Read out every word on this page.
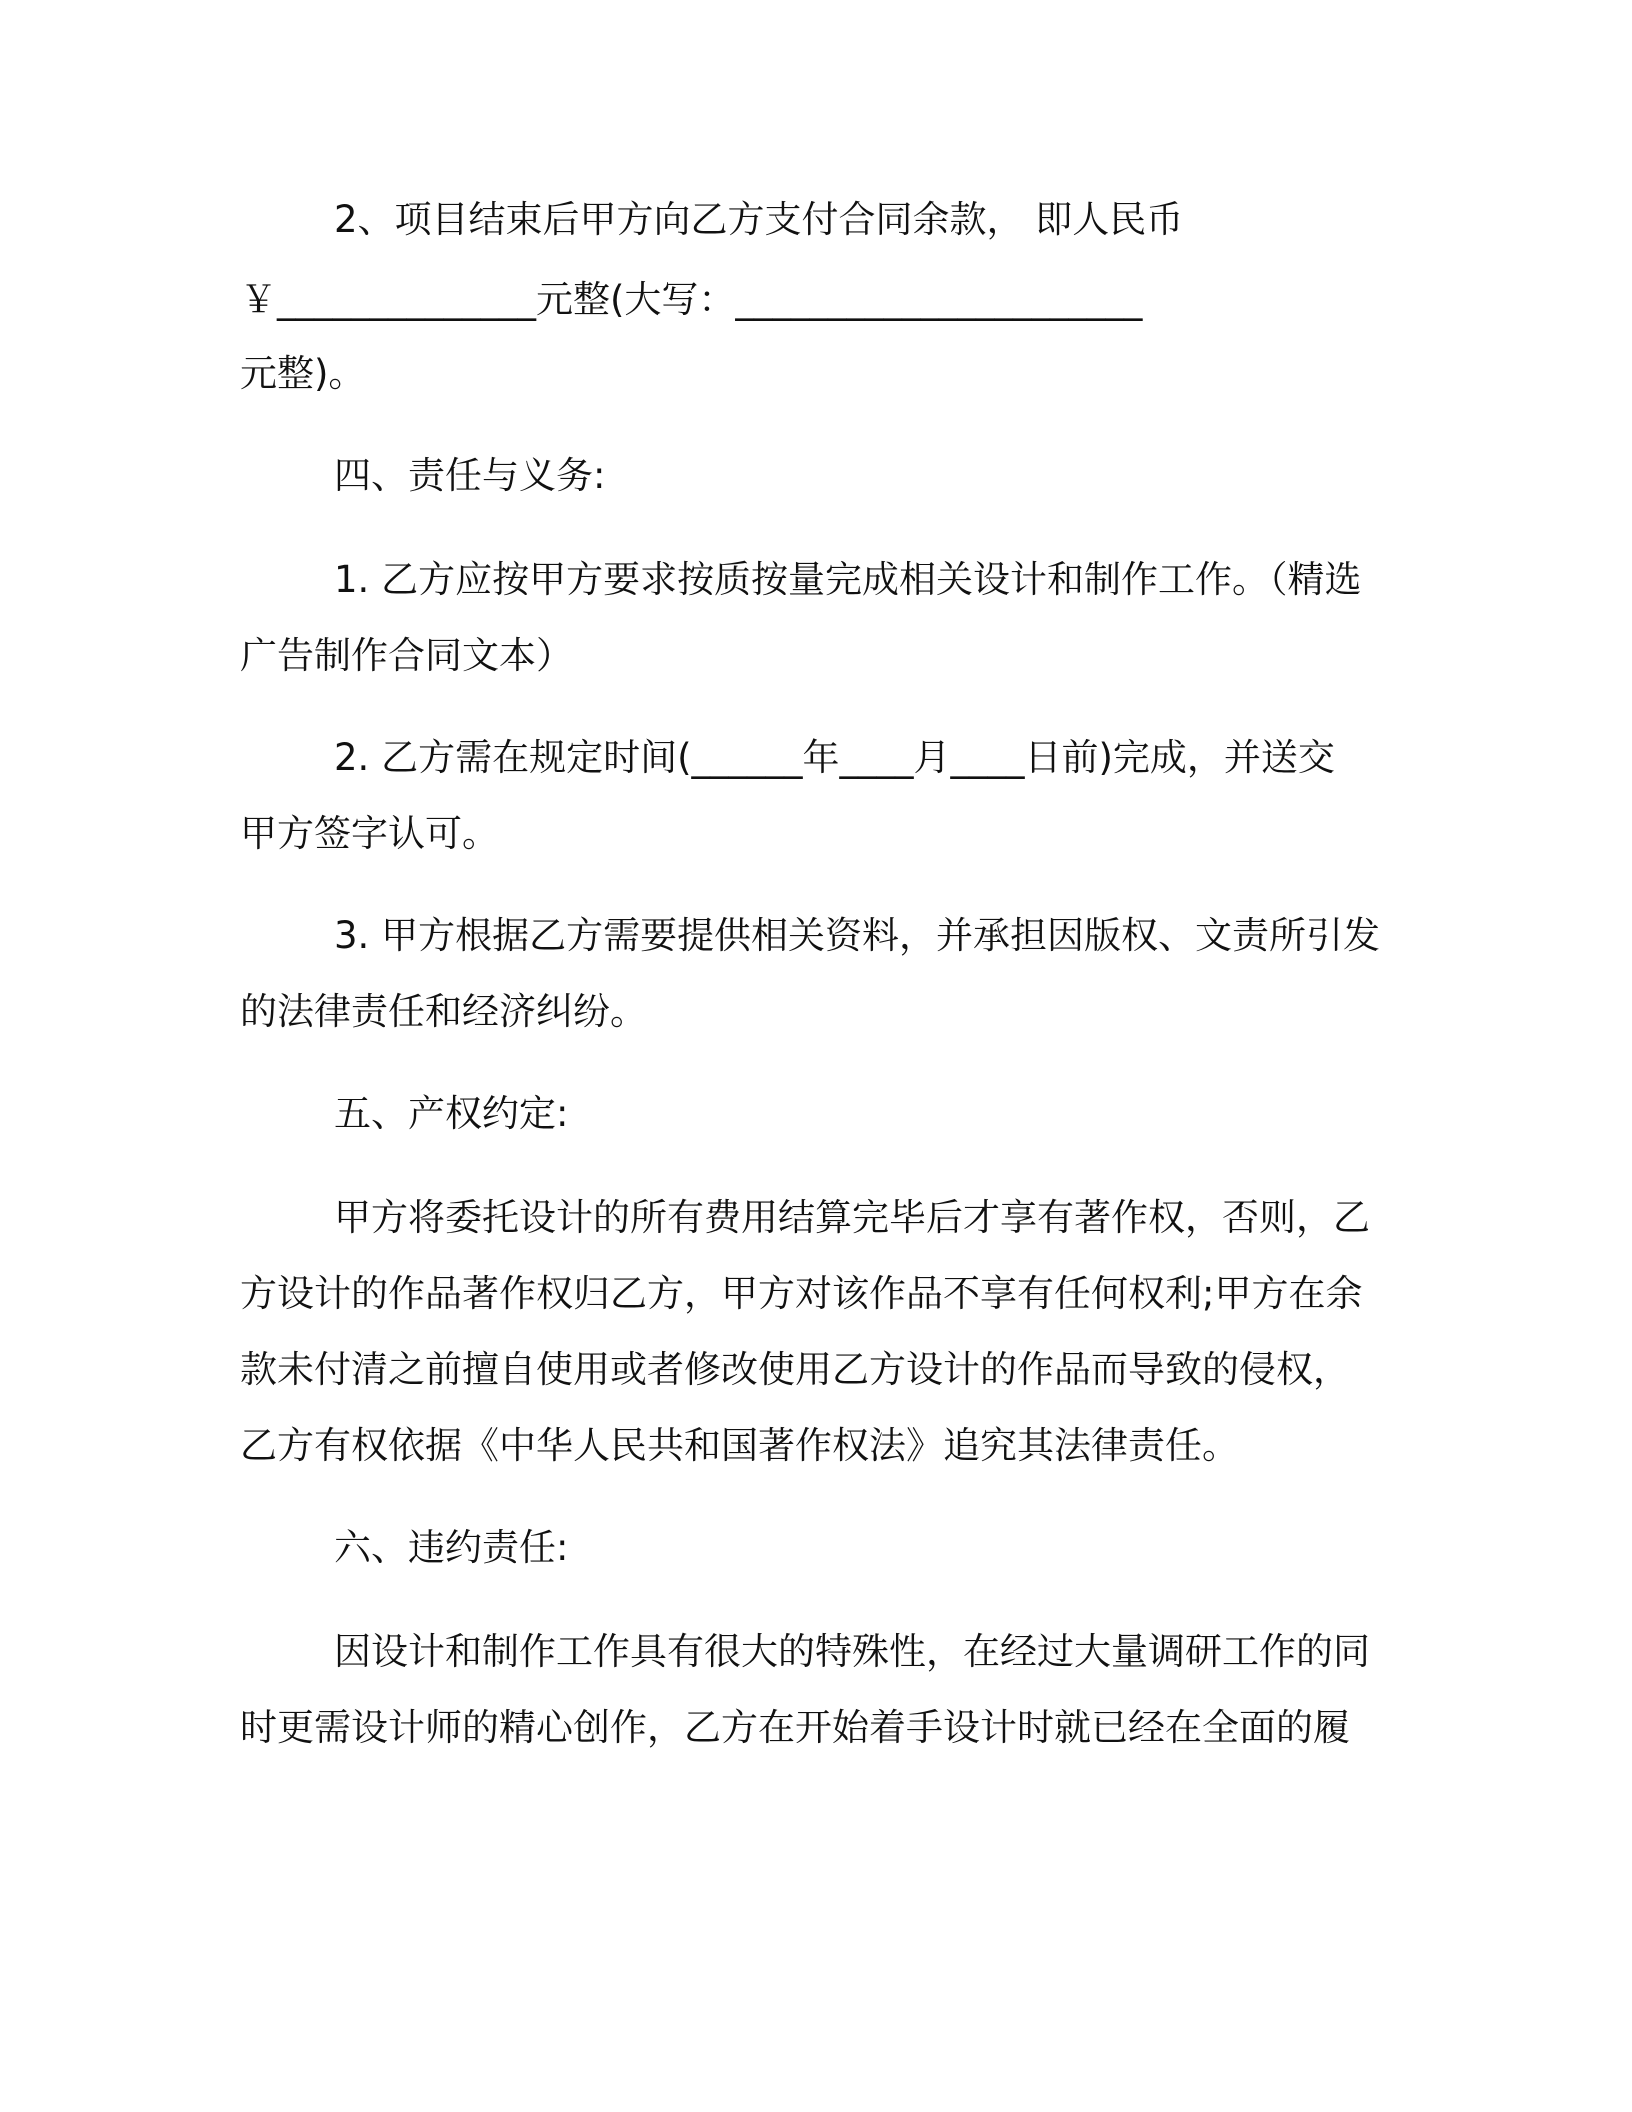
2、项目结束后甲方向乙方支付合同余款， 即人民币
￥______________元整(大写：______________________
元整)。
四、责任与义务:
1. 乙方应按甲方要求按质按量完成相关设计和制作工作。（精选
广告制作合同文本）
2. 乙方需在规定时间(______年____月____日前)完成，并送交
甲方签字认可。
3. 甲方根据乙方需要提供相关资料，并承担因版权、文责所引发
的法律责任和经济纠纷。
五、产权约定:
甲方将委托设计的所有费用结算完毕后才享有著作权，否则，乙
方设计的作品著作权归乙方，甲方对该作品不享有任何权利;甲方在余
款未付清之前擅自使用或者修改使用乙方设计的作品而导致的侵权，
乙方有权依据《中华人民共和国著作权法》追究其法律责任。
六、违约责任:
因设计和制作工作具有很大的特殊性，在经过大量调研工作的同
时更需设计师的精心创作，乙方在开始着手设计时就已经在全面的履
